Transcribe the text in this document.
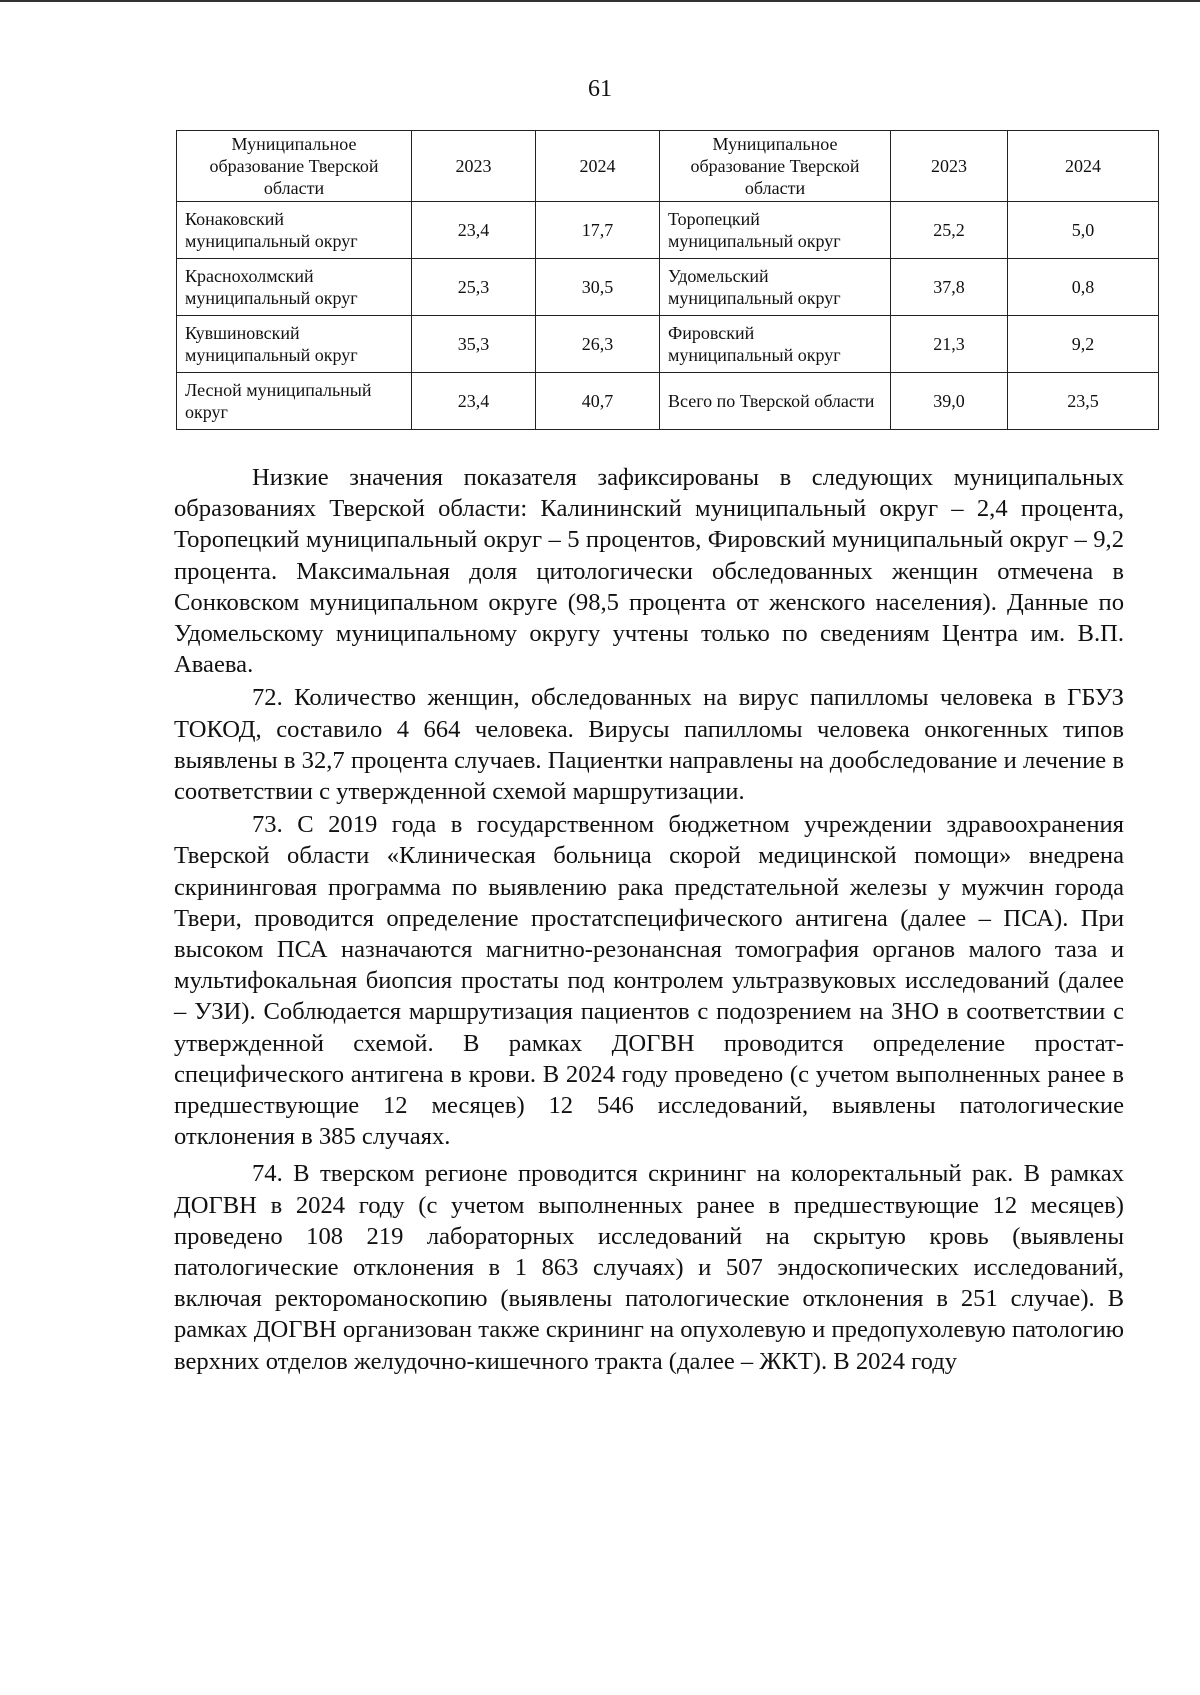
61
Муниципальное образование Тверской области	2023	2024	Муниципальное образование Тверской области	2023	2024
Конаковский муниципальный округ	23,4	17,7	Торопецкий муниципальный округ	25,2	5,0
Краснохолмский муниципальный округ	25,3	30,5	Удомельский муниципальный округ	37,8	0,8
Кувшиновский муниципальный округ	35,3	26,3	Фировский муниципальный округ	21,3	9,2
Лесной муниципальный округ	23,4	40,7	Всего по Тверской области	39,0	23,5

Низкие значения показателя зафиксированы в следующих муниципальных образованиях Тверской области: Калининский муниципальный округ – 2,4 процента, Торопецкий муниципальный округ – 5 процентов, Фировский муниципальный округ – 9,2 процента. Максимальная доля цитологически обследованных женщин отмечена в Сонковском муниципальном округе (98,5 процента от женского населения). Данные по Удомельскому муниципальному округу учтены только по сведениям Центра им. В.П. Аваева.

72. Количество женщин, обследованных на вирус папилломы человека в ГБУЗ ТОКОД, составило 4 664 человека. Вирусы папилломы человека онкогенных типов выявлены в 32,7 процента случаев. Пациентки направлены на дообследование и лечение в соответствии с утвержденной схемой маршрутизации.

73. С 2019 года в государственном бюджетном учреждении здравоохранения Тверской области «Клиническая больница скорой медицинской помощи» внедрена скрининговая программа по выявлению рака предстательной железы у мужчин города Твери, проводится определение простатспецифического антигена (далее – ПСА). При высоком ПСА назначаются магнитно-резонансная томография органов малого таза и мультифокальная биопсия простаты под контролем ультразвуковых исследований (далее – УЗИ). Соблюдается маршрутизация пациентов с подозрением на ЗНО в соответствии с утвержденной схемой. В рамках ДОГВН проводится определение простат-специфического антигена в крови. В 2024 году проведено (с учетом выполненных ранее в предшествующие 12 месяцев) 12 546 исследований, выявлены патологические отклонения в 385 случаях.

74. В тверском регионе проводится скрининг на колоректальный рак. В рамках ДОГВН в 2024 году (с учетом выполненных ранее в предшествующие 12 месяцев) проведено 108 219 лабораторных исследований на скрытую кровь (выявлены патологические отклонения в 1 863 случаях) и 507 эндоскопических исследований, включая ректороманоскопию (выявлены патологические отклонения в 251 случае). В рамках ДОГВН организован также скрининг на опухолевую и предопухолевую патологию верхних отделов желудочно-кишечного тракта (далее – ЖКТ). В 2024 году
